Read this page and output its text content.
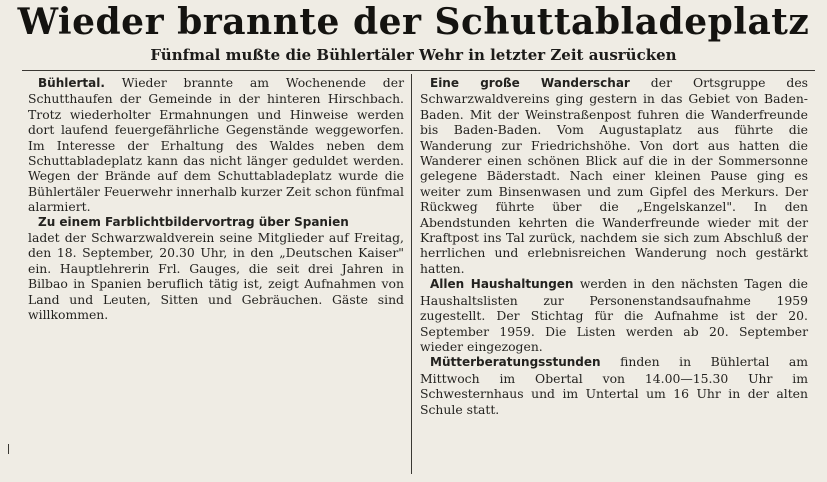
Wieder brannte der Schuttabladeplatz
Fünfmal mußte die Bühlertäler Wehr in letzter Zeit ausrücken

Bühlertal. Wieder brannte am Wochenende der Schutthaufen der Gemeinde in der hinteren Hirschbach. Trotz wiederholter Ermahnungen und Hinweise werden dort laufend feuergefährliche Gegenstände weggeworfen. Im Interesse der Erhaltung des Waldes neben dem Schuttabladeplatz kann das nicht länger geduldet werden. Wegen der Brände auf dem Schuttabladeplatz wurde die Bühlertäler Feuerwehr innerhalb kurzer Zeit schon fünfmal alarmiert.

Zu einem Farblichtbildervortrag über Spanien
ladet der Schwarzwaldverein seine Mitglieder auf Freitag, den 18. September, 20.30 Uhr, in den „Deutschen Kaiser" ein. Hauptlehrerin Frl. Gauges, die seit drei Jahren in Bilbao in Spanien beruflich tätig ist, zeigt Aufnahmen von Land und Leuten, Sitten und Gebräuchen. Gäste sind willkommen.

Eine große Wanderschar der Ortsgruppe des Schwarzwaldvereins ging gestern in das Gebiet von Baden-Baden. Mit der Weinstraßenpost fuhren die Wanderfreunde bis Baden-Baden. Vom Augustaplatz aus führte die Wanderung zur Friedrichshöhe. Von dort aus hatten die Wanderer einen schönen Blick auf die in der Sommersonne gelegene Bäderstadt. Nach einer kleinen Pause ging es weiter zum Binsenwasen und zum Gipfel des Merkurs. Der Rückweg führte über die „Engelskanzel". In den Abendstunden kehrten die Wanderfreunde wieder mit der Kraftpost ins Tal zurück, nachdem sie sich zum Abschluß der herrlichen und erlebnisreichen Wanderung noch gestärkt hatten.

Allen Haushaltungen werden in den nächsten Tagen die Haushaltslisten zur Personenstandsaufnahme 1959 zugestellt. Der Stichtag für die Aufnahme ist der 20. September 1959. Die Listen werden ab 20. September wieder eingezogen.

Mütterberatungsstunden finden in Bühlertal am Mittwoch im Obertal von 14.00—15.30 Uhr im Schwesternhaus und im Untertal um 16 Uhr in der alten Schule statt.
